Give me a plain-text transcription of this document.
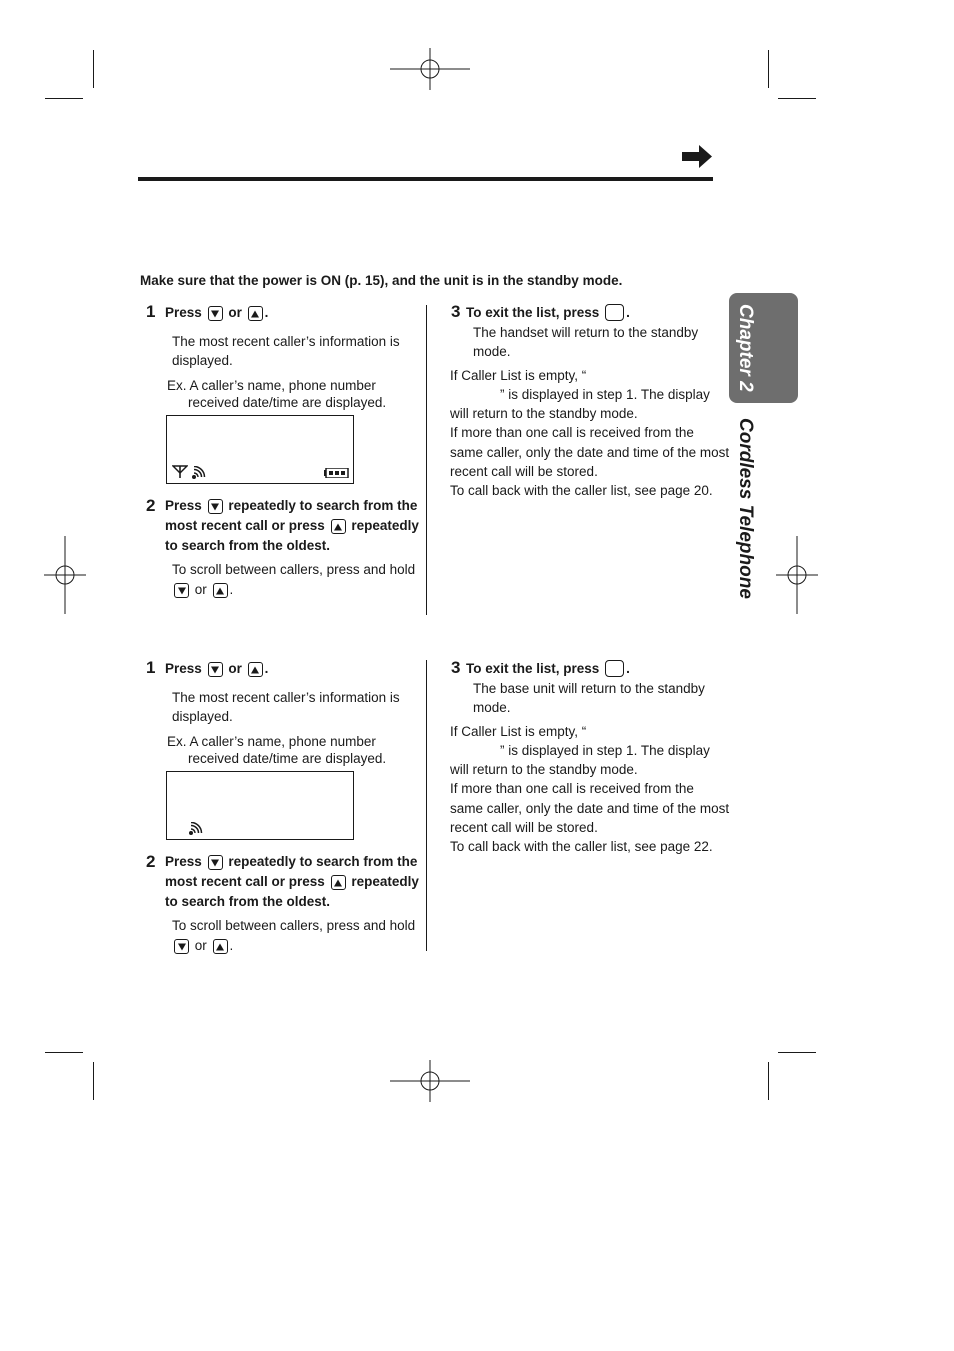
Chapter 2
Cordless Telephone
Make sure that the power is ON (p. 15), and the unit is in the standby mode.
1 Press or .
The most recent caller’s information is
displayed.
Ex. A caller’s name, phone number
received date/time are displayed.
2 Press repeatedly to search from the
most recent call or press repeatedly
to search from the oldest.
To scroll between callers, press and hold
or .
3 To exit the list, press .
The handset will return to the standby
mode.
If Caller List is empty, “
” is displayed in step 1. The display
will return to the standby mode.
If more than one call is received from the
same caller, only the date and time of the most
recent call will be stored.
To call back with the caller list, see page 20.
1 Press or .
The most recent caller’s information is
displayed.
Ex. A caller’s name, phone number
received date/time are displayed.
2 Press repeatedly to search from the
most recent call or press repeatedly
to search from the oldest.
To scroll between callers, press and hold
or .
3 To exit the list, press .
The base unit will return to the standby
mode.
If Caller List is empty, “
” is displayed in step 1. The display
will return to the standby mode.
If more than one call is received from the
same caller, only the date and time of the most
recent call will be stored.
To call back with the caller list, see page 22.
